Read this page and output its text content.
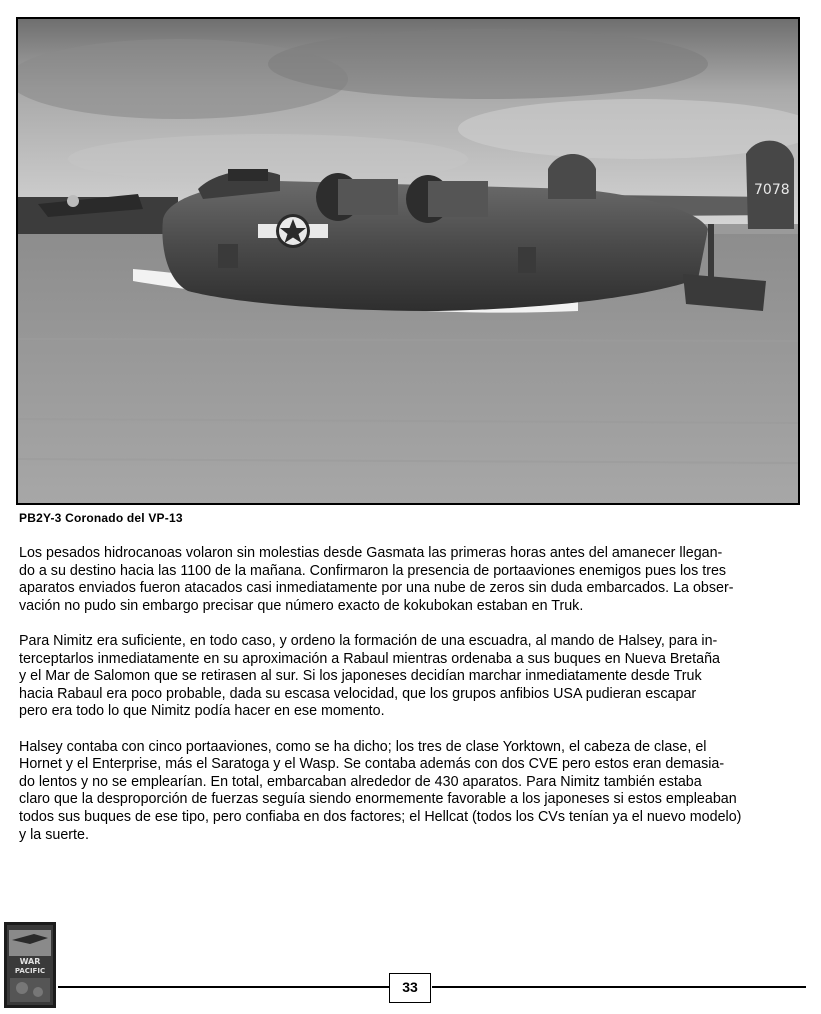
7078
PB2Y-3 Coronado del VP-13

Los pesados hidrocanoas volaron sin molestias desde Gasmata las primeras horas antes del amanecer llegan-
do a su destino hacia las 1100 de la mañana. Confirmaron la presencia de portaaviones enemigos pues los tres
aparatos enviados fueron atacados casi inmediatamente por una nube de zeros sin duda embarcados. La obser-
vación no pudo sin embargo precisar que número exacto de kokubokan estaban en Truk.

Para Nimitz era suficiente, en todo caso, y ordeno la formación de una escuadra, al mando de Halsey, para in-
terceptarlos inmediatamente en su aproximación a Rabaul mientras ordenaba a sus buques en Nueva Bretaña
y el Mar de Salomon que se retirasen al sur. Si los japoneses decidían marchar inmediatamente desde Truk
hacia Rabaul era poco probable, dada su escasa velocidad, que los grupos anfibios USA pudieran escapar
pero era todo lo que Nimitz podía hacer en ese momento.

Halsey contaba con cinco portaaviones, como se ha dicho; los tres de clase Yorktown, el cabeza de clase, el
Hornet y el Enterprise, más el Saratoga y el Wasp. Se contaba además con dos CVE pero estos eran demasia-
do lentos y no se emplearían. En total, embarcaban alrededor de 430 aparatos. Para Nimitz también estaba
claro que la desproporción de fuerzas seguía siendo enormemente favorable a los japoneses si estos empleaban
todos sus buques de ese tipo, pero confiaba en dos factores; el Hellcat (todos los CVs tenían ya el nuevo modelo)
y la suerte.

WAR
PACIFIC
33
